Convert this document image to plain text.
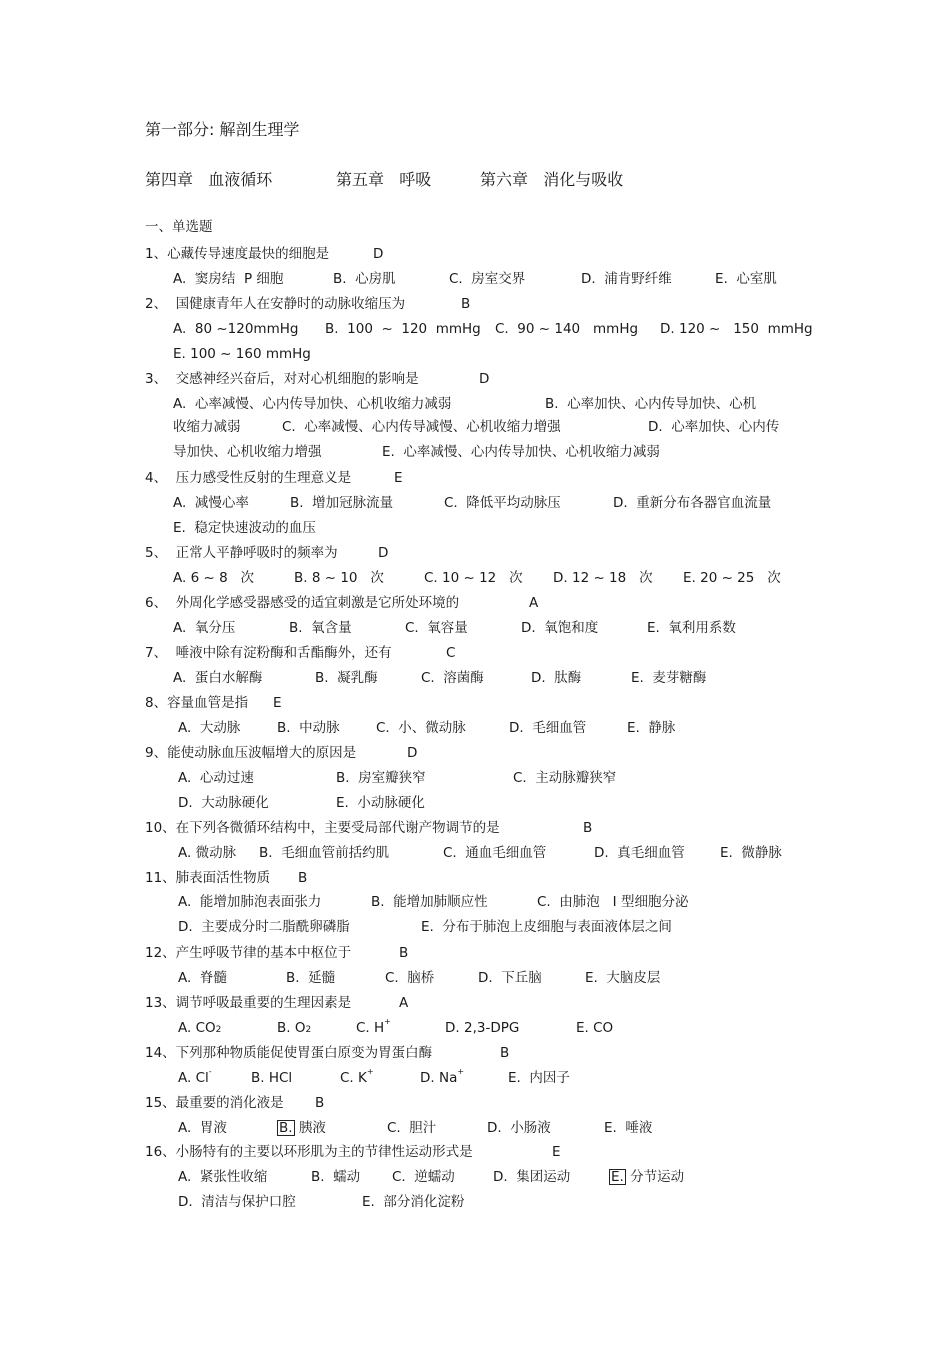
第一部分: 解剖生理学
第四章   血液循环	第五章   呼吸	第六章   消化与吸收
一、单选题
1、心藏传导速度最快的细胞是	D
A.  窦房结  P 细胞	B.  心房肌	C.  房室交界	D.  浦肯野纤维	E.  心室肌
2、  国健康青年人在安静时的动脉收缩压为	B
A.  80 ~120mmHg B.  100  ~  120  mmHg C.  90 ~ 140   mmHg D. 120 ~   150  mmHg
E. 100 ~ 160 mmHg
3、  交感神经兴奋后，对对心机细胞的影响是	D
A.  心率减慢、心内传导加快、心机收缩力减弱	B.  心率加快、心内传导加快、心机
收缩力减弱	C.  心率减慢、心内传导减慢、心机收缩力增强	D.  心率加快、心内传
导加快、心机收缩力增强	E.  心率减慢、心内传导加快、心机收缩力减弱
4、  压力感受性反射的生理意义是	E
A.  减慢心率	B.  增加冠脉流量	C.  降低平均动脉压	D.  重新分布各器官血流量
E.  稳定快速波动的血压
5、  正常人平静呼吸时的频率为	D
A. 6 ~ 8   次	B. 8 ~ 10   次	C. 10 ~ 12   次 D. 12 ~ 18   次 E. 20 ~ 25   次
6、  外周化学感受器感受的适宜刺激是它所处环境的	A
A.  氧分压	B.  氧含量	C.  氧容量	D.  氧饱和度	E.  氧利用系数
7、  唾液中除有淀粉酶和舌酯酶外，还有	C
A.  蛋白水解酶	B.  凝乳酶	C.  溶菌酶	D.  肽酶	E.  麦芽糖酶
8、容量血管是指 E
A.  大动脉	B.  中动脉	C.  小、微动脉	D.  毛细血管	E.  静脉
9、能使动脉血压波幅增大的原因是	D
A.  心动过速	B.  房室瓣狭窄	C.  主动脉瓣狭窄
D.  大动脉硬化	E.  小动脉硬化
10、在下列各微循环结构中，主要受局部代谢产物调节的是	B
A. 微动脉 B.  毛细血管前括约肌	C.  通血毛细血管	D.  真毛细血管	E.  微静脉
11、肺表面活性物质 B
A.  能增加肺泡表面张力	B.  能增加肺顺应性	C.  由肺泡   I 型细胞分泌
D.  主要成分时二脂酰卵磷脂	E.  分布于肺泡上皮细胞与表面液体层之间
12、产生呼吸节律的基本中枢位于	B
A.  脊髓	B.  延髓	C.  脑桥	D.  下丘脑	E.  大脑皮层
13、调节呼吸最重要的生理因素是	A
A. CO2	B. O2	C. H+	D. 2,3-DPG	E. CO
14、下列那种物质能促使胃蛋白原变为胃蛋白酶	B
A. Cl-	B. HCl	C. K+	D. Na+	E.  内因子
15、最重要的消化液是 B
A.  胃液	B. 胰液	C.  胆汁	D.  小肠液	E.  唾液
16、小肠特有的主要以环形肌为主的节律性运动形式是	E
A.  紧张性收缩	B.  蠕动 C.  逆蠕动	D.  集团运动	E. 分节运动
D.  清洁与保护口腔	E.  部分消化淀粉
